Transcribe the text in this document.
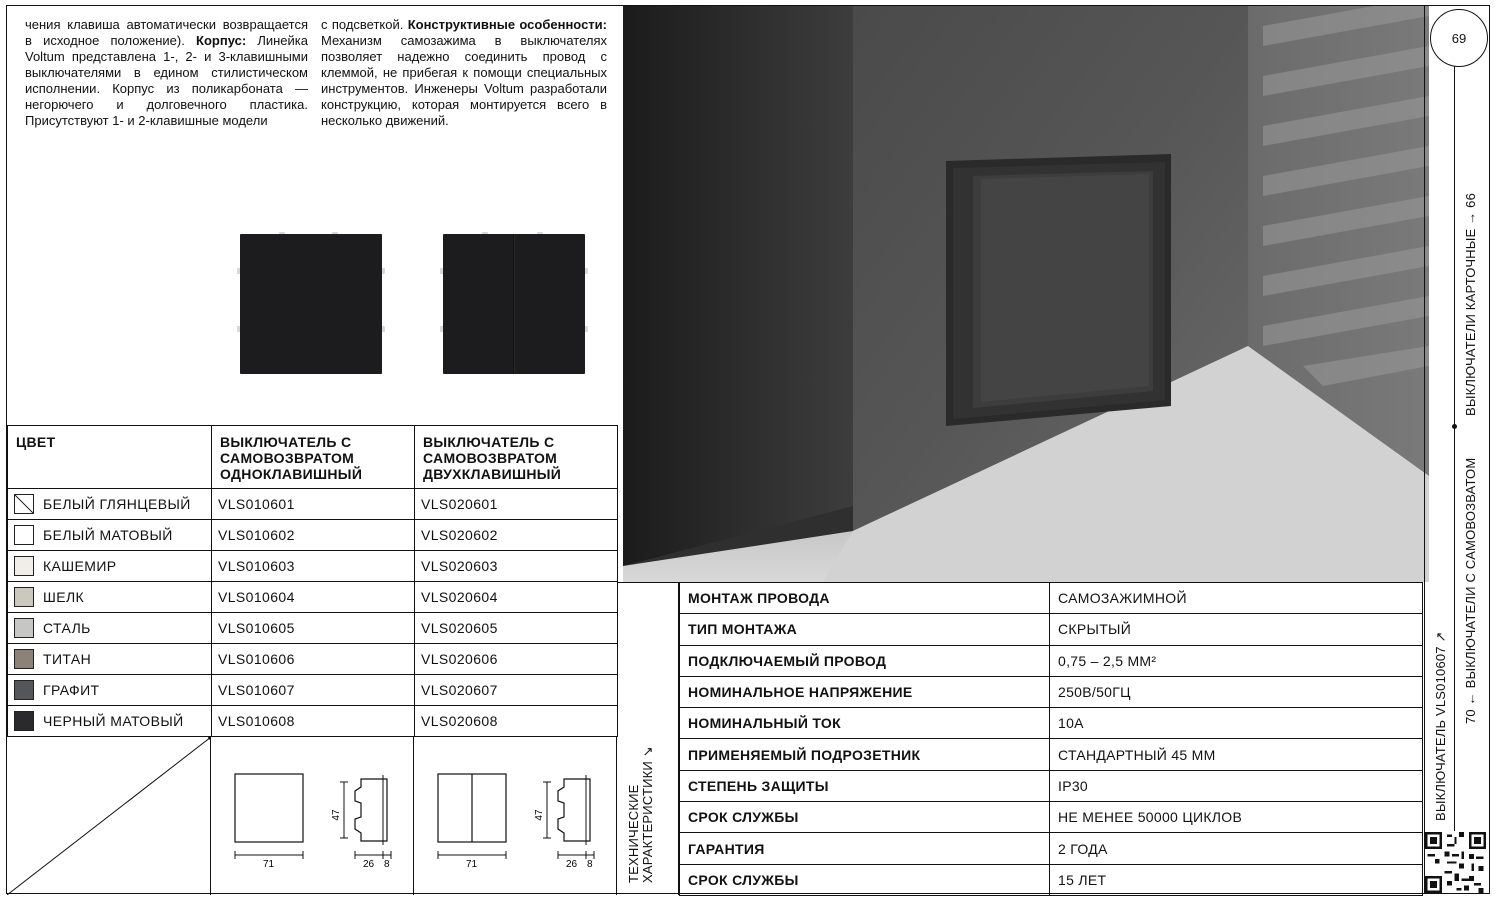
чения клавиша автоматически возвращается в исходное положение). Корпус: Линейка Voltum представлена 1-, 2- и 3-клавишными выключателями в едином стилистическом исполнении. Корпус из поликарбоната — негорючего и долговечного пластика. Присутствуют 1- и 2-клавишные модели

с подсветкой. Конструктивные особенности: Механизм самозажима в выключателях позволяет надежно соединить провод с клеммой, не прибегая к помощи специальных инструментов. Инженеры Voltum разработали конструкцию, которая монтируется всего в несколько движений.

69
ВЫКЛЮЧАТЕЛИ КАРТОЧНЫЕ → 66
70 ← ВЫКЛЮЧАТЕЛИ С САМОВОЗВАТОМ
ВЫКЛЮЧАТЕЛЬ VLS010607 ↗
ЦВЕТ	ВЫКЛЮЧАТЕЛЬ С САМОВОЗВРАТОМ ОДНОКЛАВИШНЫЙ	ВЫКЛЮЧАТЕЛЬ С САМОВОЗВРАТОМ ДВУХКЛАВИШНЫЙ

БЕЛЫЙ ГЛЯНЦЕВЫЙ	VLS010601	VLS020601

БЕЛЫЙ МАТОВЫЙ	VLS010602	VLS020602

КАШЕМИР	VLS010603	VLS020603

ШЕЛК	VLS010604	VLS020604

СТАЛЬ	VLS010605	VLS020605

ТИТАН	VLS010606	VLS020606

ГРАФИТ	VLS010607	VLS020607

ЧЕРНЫЙ МАТОВЫЙ	VLS010608	VLS020608
71
47
26 8	71
47
26 8	ТЕХНИЧЕСКИЕ ХАРАКТЕРИСТИКИ ↘
МОНТАЖ ПРОВОДА	САМОЗАЖИМНОЙ
ТИП МОНТАЖА	СКРЫТЫЙ
ПОДКЛЮЧАЕМЫЙ ПРОВОД	0,75 – 2,5 ММ²
НОМИНАЛЬНОЕ НАПРЯЖЕНИЕ	250В/50ГЦ
НОМИНАЛЬНЫЙ ТОК	10А
ПРИМЕНЯЕМЫЙ ПОДРОЗЕТНИК	СТАНДАРТНЫЙ 45 ММ
СТЕПЕНЬ ЗАЩИТЫ	IP30
СРОК СЛУЖБЫ	НЕ МЕНЕЕ 50000 ЦИКЛОВ
ГАРАНТИЯ	2 ГОДА
СРОК СЛУЖБЫ	15 ЛЕТ
